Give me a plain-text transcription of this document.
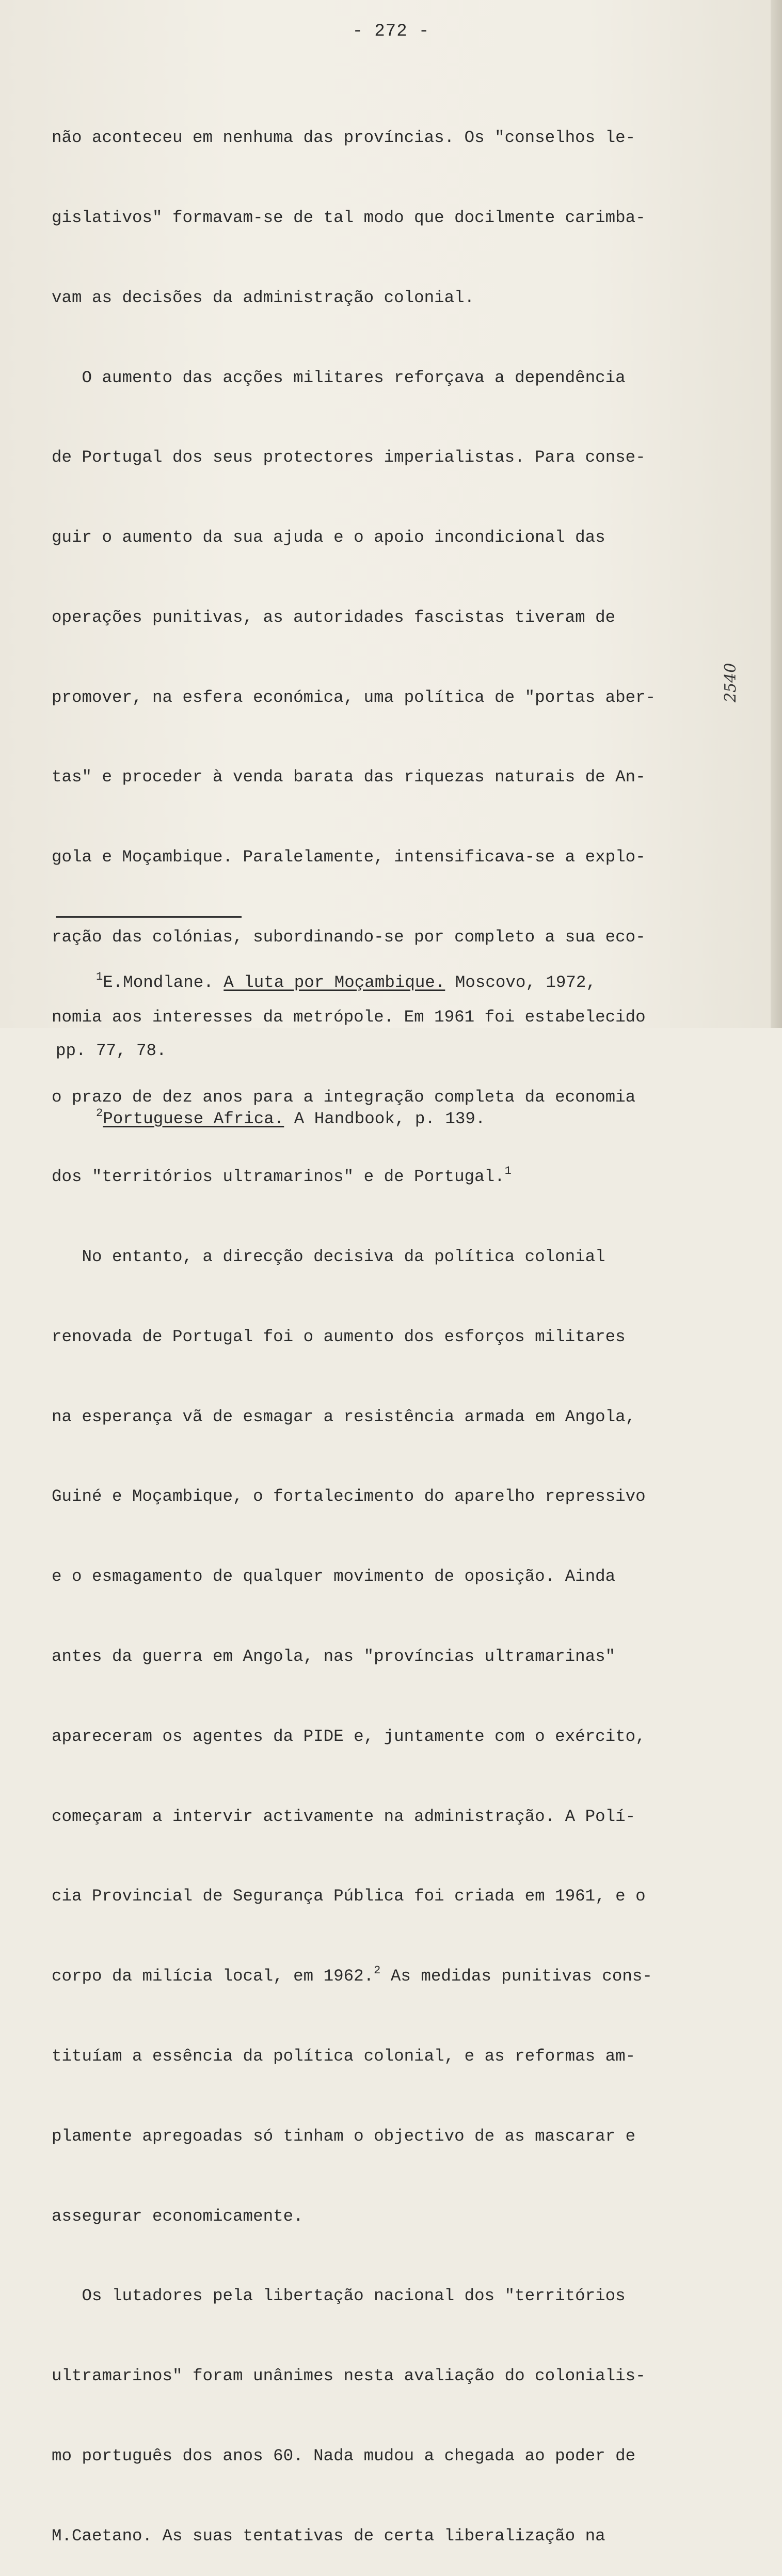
- 272 -

não aconteceu em nenhuma das províncias. Os "conselhos le-

gislativos" formavam-se de tal modo que docilmente carimba-

vam as decisões da administração colonial.

O aumento das acções militares reforçava a dependência

de Portugal dos seus protectores imperialistas. Para conse-

guir o aumento da sua ajuda e o apoio incondicional das

operações punitivas, as autoridades fascistas tiveram de

promover, na esfera económica, uma política de "portas aber-

tas" e proceder à venda barata das riquezas naturais de An-

gola e Moçambique. Paralelamente, intensificava-se a explo-

ração das colónias, subordinando-se por completo a sua eco-

nomia aos interesses da metrópole. Em 1961 foi estabelecido

o prazo de dez anos para a integração completa da economia

dos "territórios ultramarinos" e de Portugal.$^1$

No entanto, a direcção decisiva da política colonial

renovada de Portugal foi o aumento dos esforços militares

na esperança vã de esmagar a resistência armada em Angola,

Guiné e Moçambique, o fortalecimento do aparelho repressivo

e o esmagamento de qualquer movimento de oposição. Ainda

antes da guerra em Angola, nas "províncias ultramarinas"

apareceram os agentes da PIDE e, juntamente com o exército,

começaram a intervir activamente na administração. A Polí-

cia Provincial de Segurança Pública foi criada em 1961, e o

corpo da milícia local, em 1962.$^2$ As medidas punitivas cons-

tituíam a essência da política colonial, e as reformas am-

plamente apregoadas só tinham o objectivo de as mascarar e

assegurar economicamente.

Os lutadores pela libertação nacional dos "territórios

ultramarinos" foram unânimes nesta avaliação do colonialis-

mo português dos anos 60. Nada mudou a chegada ao poder de

M.Caetano. As suas tentativas de certa liberalização na

$^1$E.Mondlane. A luta por Moçambique. Moscovo, 1972,

pp. 77, 78.

$^2$Portuguese Africa. A Handbook, p. 139.

2540
